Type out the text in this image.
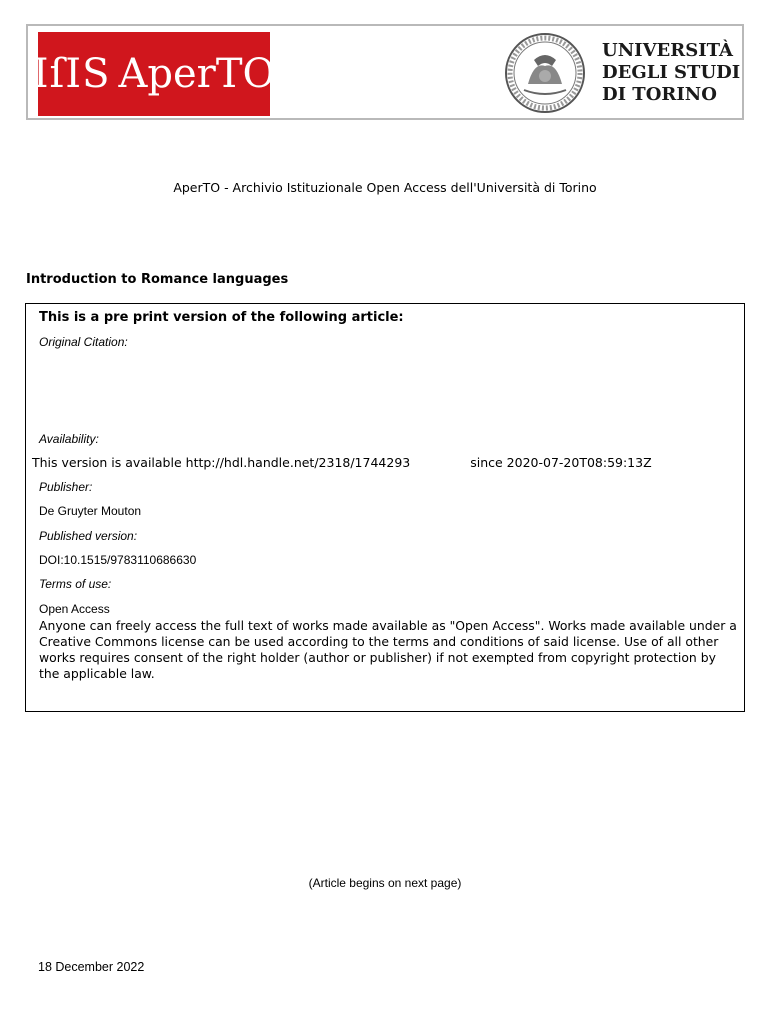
IſIS AperTO
UNIVERSITÀ
DEGLI STUDI
DI TORINO
AperTO - Archivio Istituzionale Open Access dell'Università di Torino
Introduction to Romance languages
This is a pre print version of the following article:
Original Citation:
Availability:
This version is available http://hdl.handle.net/2318/1744293	since 2020-07-20T08:59:13Z
Publisher:
De Gruyter Mouton
Published version:
DOI:10.1515/9783110686630
Terms of use:
Open Access
Anyone can freely access the full text of works made available as "Open Access". Works made available under a Creative Commons license can be used according to the terms and conditions of said license. Use of all other works requires consent of the right holder (author or publisher) if not exempted from copyright protection by the applicable law.
(Article begins on next page)
18 December 2022
